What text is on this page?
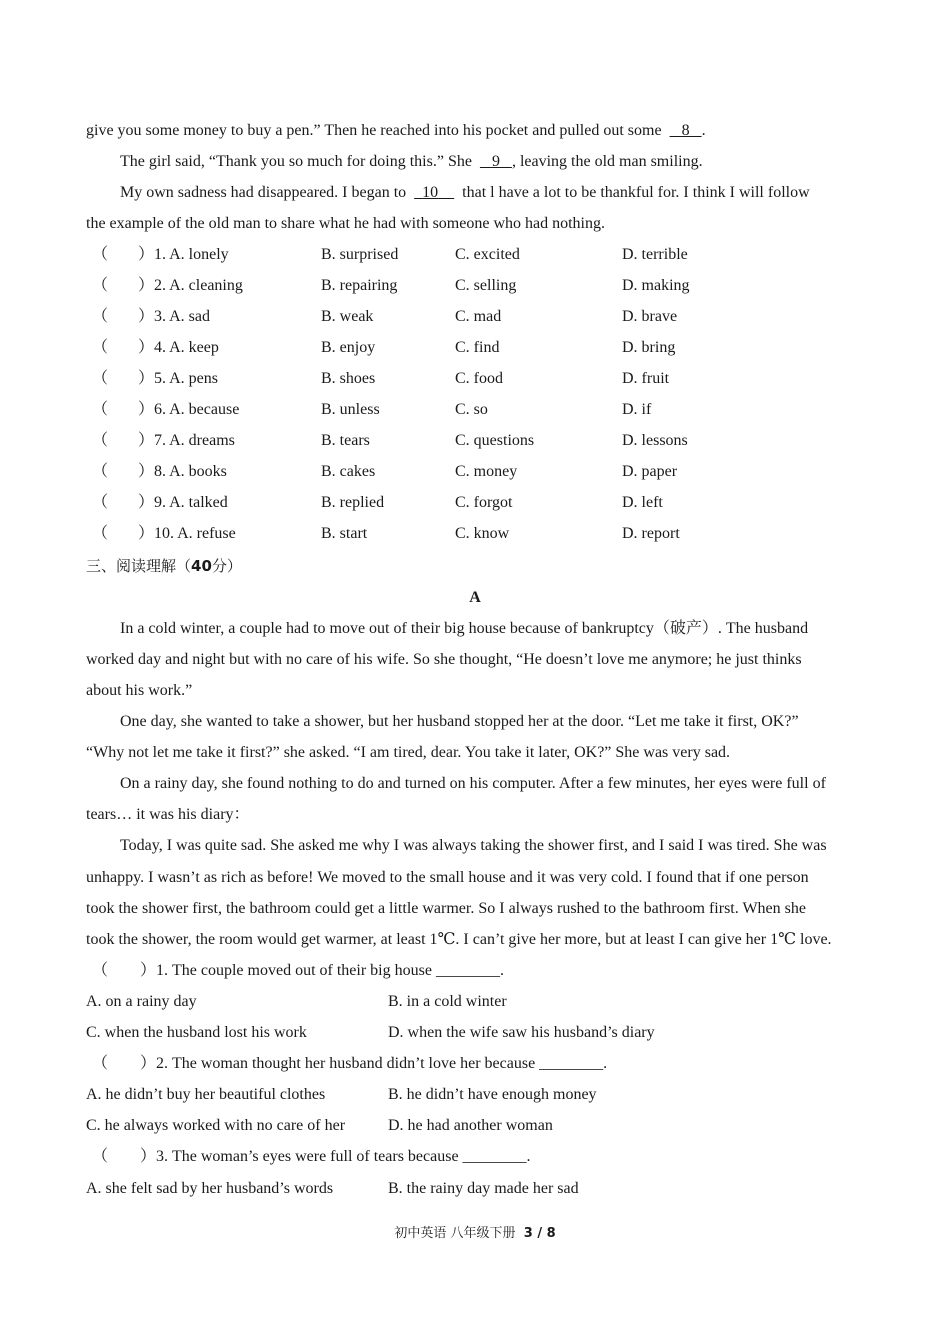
give you some money to buy a pen.” Then he reached into his pocket and pulled out some 8 .
The girl said, “Thank you so much for doing this.” She 9 , leaving the old man smiling.
My own sadness had disappeared. I began to 10 that l have a lot to be thankful for. I think I will follow
the example of the old man to share what he had with someone who had nothing.
（ ）1. A. lonely	B. surprised	C. excited	D. terrible
（ ）2. A. cleaning	B. repairing	C. selling	D. making
（ ）3. A. sad	B. weak	C. mad	D. brave
（ ）4. A. keep	B. enjoy	C. find	D. bring
（ ）5. A. pens	B. shoes	C. food	D. fruit
（ ）6. A. because	B. unless	C. so	D. if
（ ）7. A. dreams	B. tears	C. questions	D. lessons
（ ）8. A. books	B. cakes	C. money	D. paper
（ ）9. A. talked	B. replied	C. forgot	D. left
（ ）10. A. refuse	B. start	C. know	D. report
三、阅读理解（40分）
A
In a cold winter, a couple had to move out of their big house because of bankruptcy（破产）. The husband
worked day and night but with no care of his wife. So she thought, “He doesn’t love me anymore; he just thinks
about his work.”
One day, she wanted to take a shower, but her husband stopped her at the door. “Let me take it first, OK?”
“Why not let me take it first?” she asked. “I am tired, dear. You take it later, OK?” She was very sad.
On a rainy day, she found nothing to do and turned on his computer. After a few minutes, her eyes were full of
tears… it was his diary：
Today, I was quite sad. She asked me why I was always taking the shower first, and I said I was tired. She was
unhappy. I wasn’t as rich as before! We moved to the small house and it was very cold. I found that if one person
took the shower first, the bathroom could get a little warmer. So I always rushed to the bathroom first. When she
took the shower, the room would get warmer, at least 1℃. I can’t give her more, but at least I can give her 1℃ love.
（　　）1. The couple moved out of their big house ________.
A. on a rainy day	B. in a cold winter
C. when the husband lost his work	D. when the wife saw his husband’s diary
（　　）2. The woman thought her husband didn’t love her because ________.
A. he didn’t buy her beautiful clothes	B. he didn’t have enough money
C. he always worked with no care of her	D. he had another woman
（　　）3. The woman’s eyes were full of tears because ________.
A. she felt sad by her husband’s words	B. the rainy day made her sad
初中英语 八年级下册 3 / 8
